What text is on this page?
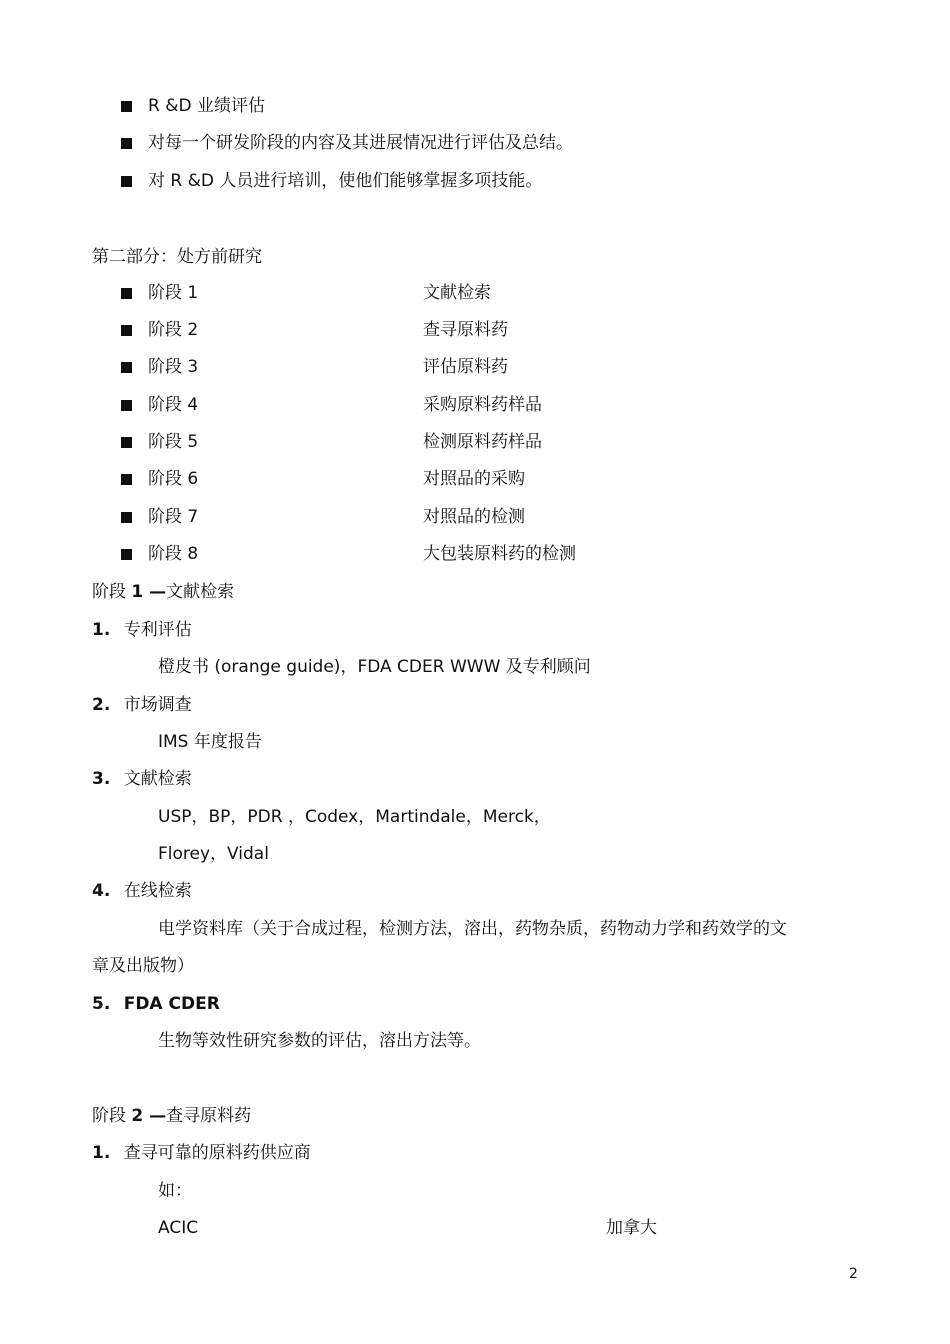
R &D 业绩评估
对每一个研发阶段的内容及其进展情况进行评估及总结。
对 R &D 人员进行培训，使他们能够掌握多项技能。
第二部分：处方前研究
阶段 1	文献检索
阶段 2	查寻原料药
阶段 3	评估原料药
阶段 4	采购原料药样品
阶段 5	检测原料药样品
阶段 6	对照品的采购
阶段 7	对照品的检测
阶段 8	大包装原料药的检测
阶段 1 —文献检索
1. 专利评估
橙皮书 (orange guide)，FDA CDER WWW 及专利顾问
2. 市场调查
IMS 年度报告
3. 文献检索
USP，BP，PDR ，Codex，Martindale，Merck，
Florey，Vidal
4. 在线检索
电学资料库（关于合成过程，检测方法，溶出，药物杂质，药物动力学和药效学的文
章及出版物）
5. FDA CDER
生物等效性研究参数的评估，溶出方法等。
阶段 2 —查寻原料药
1. 查寻可靠的原料药供应商
如：
ACIC	加拿大
2
